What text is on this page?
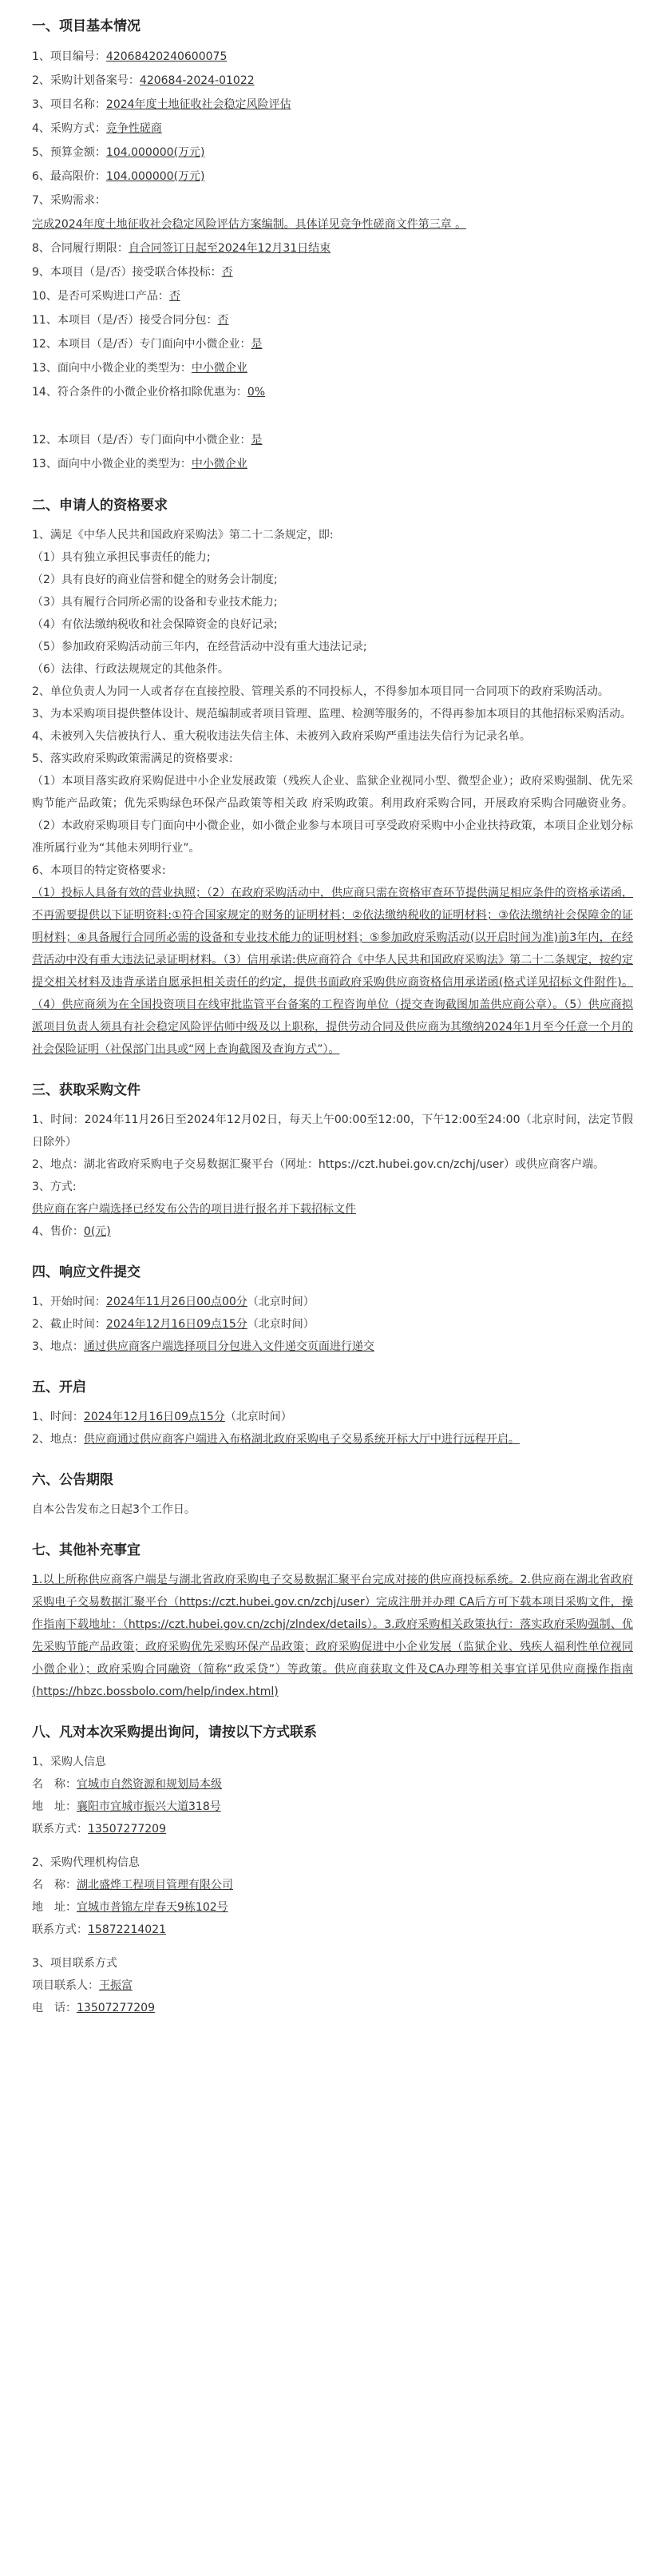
一、项目基本情况
1、项目编号：42068420240600075
2、采购计划备案号：420684-2024-01022
3、项目名称：2024年度土地征收社会稳定风险评估
4、采购方式：竞争性磋商
5、预算金额：104.000000(万元)
6、最高限价：104.000000(万元)
7、采购需求：
完成2024年度土地征收社会稳定风险评估方案编制。具体详见竞争性磋商文件第三章 。
8、合同履行期限：自合同签订日起至2024年12月31日结束
9、本项目（是/否）接受联合体投标：否
10、是否可采购进口产品：否
11、本项目（是/否）接受合同分包：否
12、本项目（是/否）专门面向中小微企业：是
13、面向中小微企业的类型为：中小微企业
14、符合条件的小微企业价格扣除优惠为：0%
12、本项目（是/否）专门面向中小微企业：是
13、面向中小微企业的类型为：中小微企业
二、申请人的资格要求
1、满足《中华人民共和国政府采购法》第二十二条规定，即:
（1）具有独立承担民事责任的能力;
（2）具有良好的商业信誉和健全的财务会计制度;
（3）具有履行合同所必需的设备和专业技术能力;
（4）有依法缴纳税收和社会保障资金的良好记录;
（5）参加政府采购活动前三年内，在经营活动中没有重大违法记录;
（6）法律、行政法规规定的其他条件。
2、单位负责人为同一人或者存在直接控股、管理关系的不同投标人，不得参加本项目同一合同项下的政府采购活动。
3、为本采购项目提供整体设计、规范编制或者项目管理、监理、检测等服务的，不得再参加本项目的其他招标采购活动。
4、未被列入失信被执行人、重大税收违法失信主体、未被列入政府采购严重违法失信行为记录名单。
5、落实政府采购政策需满足的资格要求:
（1）本项目落实政府采购促进中小企业发展政策（残疾人企业、监狱企业视同小型、微型企业）；政府采购强制、优先采购节能产品政策；优先采购绿色环保产品政策等相关政 府采购政策。利用政府采购合同，开展政府采购合同融资业务。 （2）本政府采购项目专门面向中小微企业，如小微企业参与本项目可享受政府采购中小企业扶持政策，本项目企业划分标准所属行业为“其他未列明行业”。
6、本项目的特定资格要求:
（1）投标人具备有效的营业执照；（2）在政府采购活动中，供应商只需在资格审查环节提供满足相应条件的资格承诺函，不再需要提供以下证明资料:①符合国家规定的财务的证明材料；②依法缴纳税收的证明材料；③依法缴纳社会保障金的证明材料；④具备履行合同所必需的设备和专业技术能力的证明材料；⑤参加政府采购活动(以开启时间为准)前3年内，在经营活动中没有重大违法记录证明材料。（3）信用承诺:供应商符合《中华人民共和国政府采购法》第二十二条规定，按约定提交相关材料及违背承诺自愿承担相关责任的约定，提供书面政府采购供应商资格信用承诺函(格式详见招标文件附件)。（4）供应商须为在全国投资项目在线审批监管平台备案的工程咨询单位（提交查询截图加盖供应商公章）。（5）供应商拟派项目负责人须具有社会稳定风险评估师中级及以上职称，提供劳动合同及供应商为其缴纳2024年1月至今任意一个月的社会保险证明（社保部门出具或“网上查询截图及查询方式”）。
三、获取采购文件
1、时间：2024年11月26日至2024年12月02日，每天上午00:00至12:00，下午12:00至24:00（北京时间，法定节假日除外）
2、地点：湖北省政府采购电子交易数据汇聚平台（网址：https://czt.hubei.gov.cn/zchj/user）或供应商客户端。
3、方式:
供应商在客户端选择已经发布公告的项目进行报名并下载招标文件
4、售价：0(元)
四、响应文件提交
1、开始时间：2024年11月26日00点00分（北京时间）
2、截止时间：2024年12月16日09点15分（北京时间）
3、地点：通过供应商客户端选择项目分包进入文件递交页面进行递交
五、开启
1、时间：2024年12月16日09点15分（北京时间）
2、地点：供应商通过供应商客户端进入布格湖北政府采购电子交易系统开标大厅中进行远程开启。
六、公告期限
自本公告发布之日起3个工作日。
七、其他补充事宜
1.以上所称供应商客户端是与湖北省政府采购电子交易数据汇聚平台完成对接的供应商投标系统。2.供应商在湖北省政府采购电子交易数据汇聚平台（https://czt.hubei.gov.cn/zchj/user）完成注册并办理 CA后方可下载本项目采购文件，操作指南下载地址：（https://czt.hubei.gov.cn/zchj/zlndex/details）。3.政府采购相关政策执行：落实政府采购强制、优先采购节能产品政策；政府采购优先采购环保产品政策；政府采购促进中小企业发展（监狱企业、残疾人福利性单位视同小微企业）；政府采购合同融资（简称“政采贷”）等政策。供应商获取文件及CA办理等相关事宜详见供应商操作指南(https://hbzc.bossbolo.com/help/index.html)
八、凡对本次采购提出询问，请按以下方式联系
1、采购人信息
名　称：宜城市自然资源和规划局本级
地　址：襄阳市宜城市振兴大道318号
联系方式：13507277209
2、采购代理机构信息
名　称：湖北盛烨工程项目管理有限公司
地　址：宜城市普锦左岸春天9栋102号
联系方式：15872214021
3、项目联系方式
项目联系人：王振富
电　话：13507277209
